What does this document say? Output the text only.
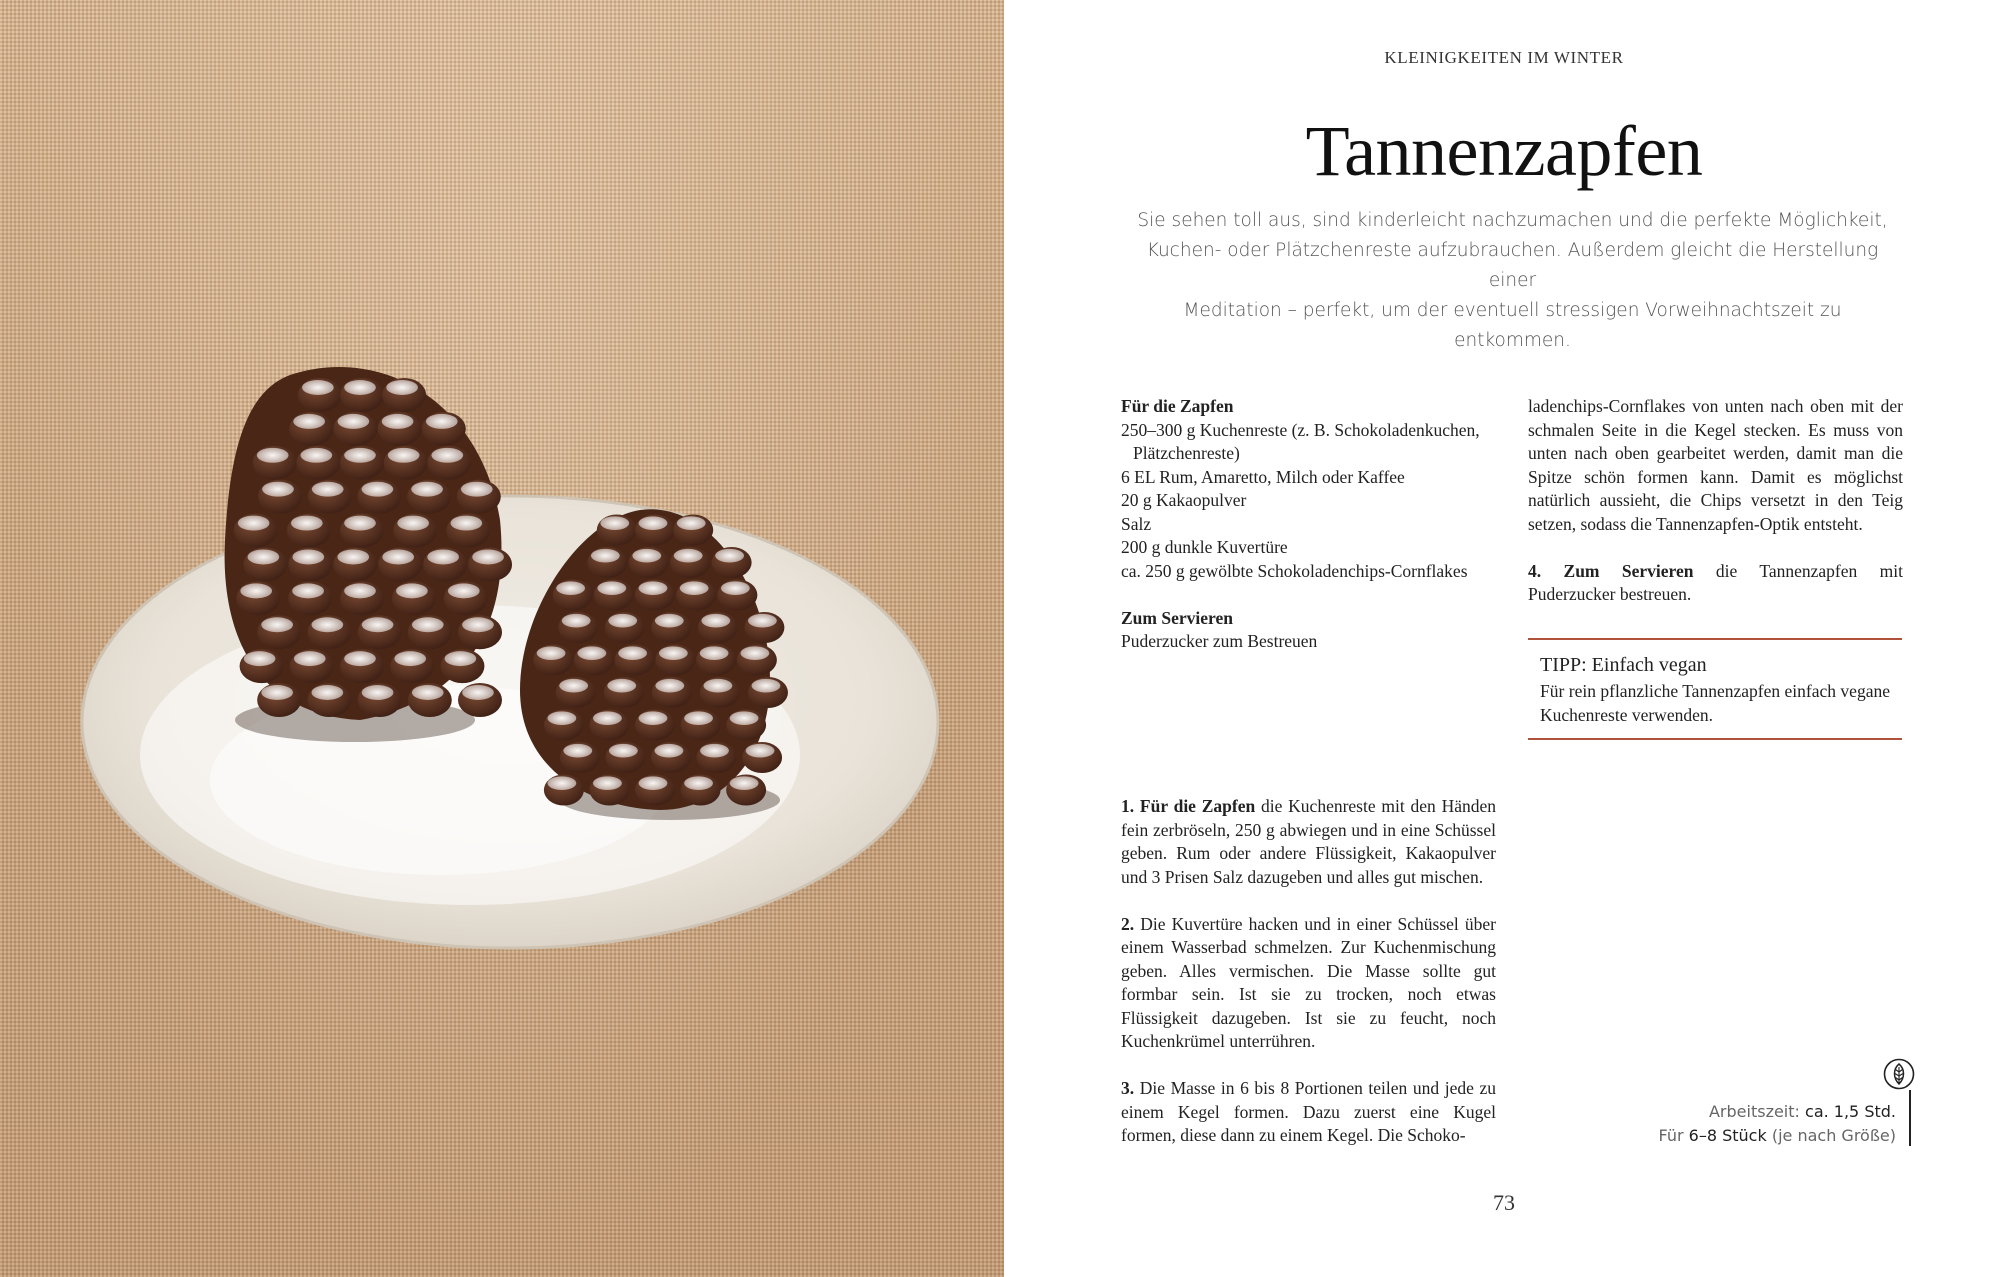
KLEINIGKEITEN IM WINTER
Tannenzapfen
Sie sehen toll aus, sind kinderleicht nachzumachen und die perfekte Möglichkeit,
Kuchen- oder Plätzchenreste aufzubrauchen. Außerdem gleicht die Herstellung einer
Meditation – perfekt, um der eventuell stressigen Vorweihnachtszeit zu entkommen.

Für die Zapfen

250–300 g Kuchenreste (z. B. Schokoladenkuchen,

Plätzchenreste)

6 EL Rum, Amaretto, Milch oder Kaffee

20 g Kakaopulver

Salz

200 g dunkle Kuvertüre

ca. 250 g gewölbte Schokoladenchips-Cornflakes

Zum Servieren

Puderzucker zum Bestreuen

1. Für die Zapfen die Kuchenreste mit den Händen fein zerbröseln, 250 g abwiegen und in eine Schüssel geben. Rum oder andere Flüssigkeit, Kakaopulver und 3 Prisen Salz dazugeben und alles gut mischen.

2. Die Kuvertüre hacken und in einer Schüssel über einem Wasserbad schmelzen. Zur Kuchenmischung geben. Alles vermischen. Die Masse sollte gut formbar sein. Ist sie zu trocken, noch etwas Flüssigkeit dazugeben. Ist sie zu feucht, noch Kuchenkrümel unterrühren.

3. Die Masse in 6 bis 8 Portionen teilen und jede zu einem Kegel formen. Dazu zuerst eine Kugel formen, diese dann zu einem Kegel. Die Schoko-

ladenchips-Cornflakes von unten nach oben mit der schmalen Seite in die Kegel stecken. Es muss von unten nach oben gearbeitet werden, damit man die Spitze schön formen kann. Damit es möglichst natürlich aussieht, die Chips versetzt in den Teig setzen, sodass die Tannenzapfen-Optik entsteht.

4. Zum Servieren die Tannenzapfen mit Puderzucker bestreuen.

TIPP: Einfach vegan
Für rein pflanzliche Tannenzapfen einfach vegane Kuchenreste verwenden.
Arbeitszeit: ca. 1,5 Std.
Für 6–8 Stück (je nach Größe)
73
